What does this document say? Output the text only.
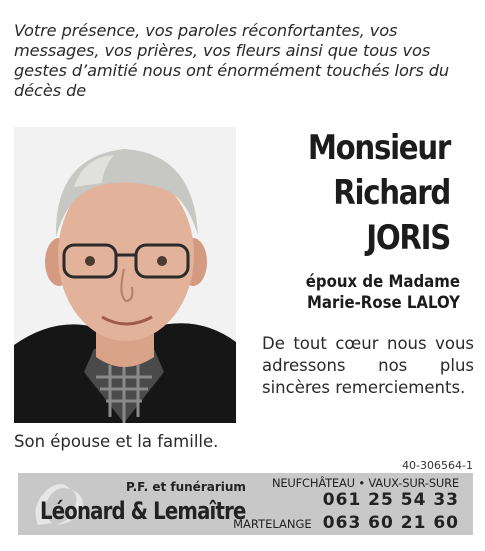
Votre présence, vos paroles réconfortantes, vos messages, vos prières, vos fleurs ainsi que tous vos gestes d’amitié nous ont énormément touchés lors du décès de
Monsieur
Richard
JORIS
époux de Madame
Marie-Rose LALOY
De tout cœur nous vous adressons nos plus sincères remerciements.
Son épouse et la famille.
40-306564-1
P.F. et funérarium
Léonard & Lemaître
NEUFCHÂTEAU • VAUX-SUR-SURE
061 25 54 33
MARTELANGE 063 60 21 60
